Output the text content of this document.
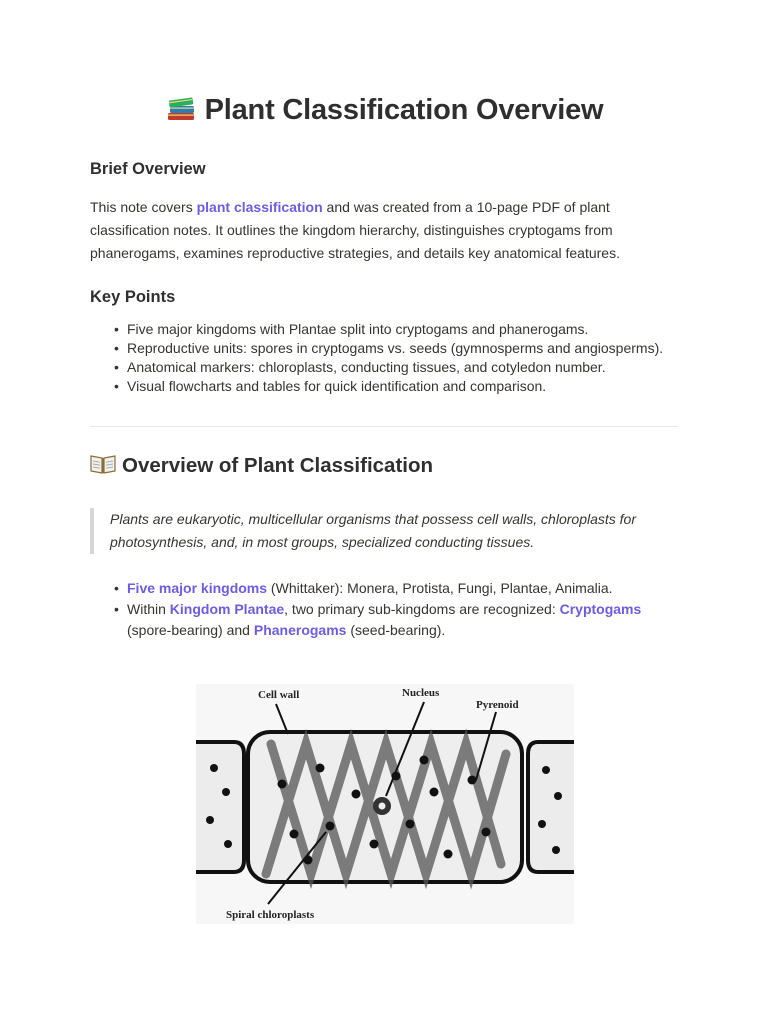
Plant Classification Overview
Brief Overview

This note covers plant classification and was created from a 10-page PDF of plant classification notes. It outlines the kingdom hierarchy, distinguishes cryptogams from phanerogams, examines reproductive strategies, and details key anatomical features.

Key Points
• Five major kingdoms with Plantae split into cryptogams and phanerogams.
• Reproductive units: spores in cryptogams vs. seeds (gymnosperms and angiosperms).
• Anatomical markers: chloroplasts, conducting tissues, and cotyledon number.
• Visual flowcharts and tables for quick identification and comparison.
Overview of Plant Classification
Plants are eukaryotic, multicellular organisms that possess cell walls, chloroplasts for photosynthesis, and, in most groups, specialized conducting tissues.
• Five major kingdoms (Whittaker): Monera, Protista, Fungi, Plantae, Animalia.
• Within Kingdom Plantae, two primary sub-kingdoms are recognized: Cryptogams (spore-bearing) and Phanerogams (seed-bearing).
Cell wall	Nucleus
Pyrenoid
Spiral chloroplasts
